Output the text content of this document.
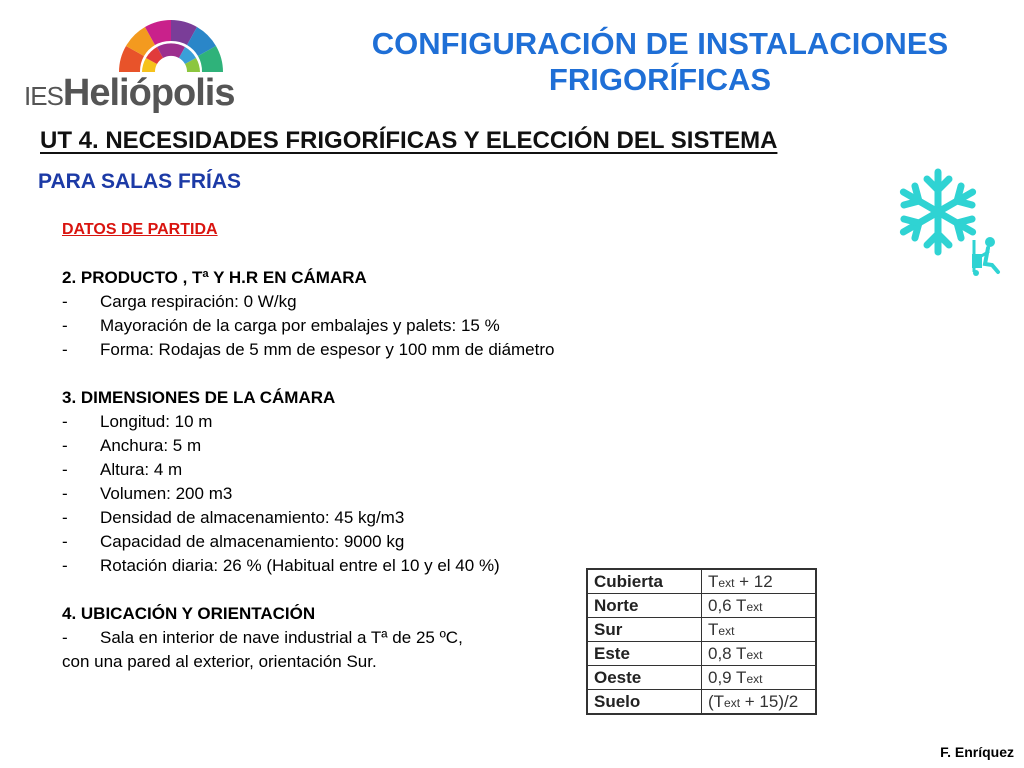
IESHeliópolis
CONFIGURACIÓN DE INSTALACIONES
FRIGORÍFICAS
UT 4. NECESIDADES FRIGORÍFICAS Y ELECCIÓN DEL SISTEMA
PARA SALAS FRÍAS
DATOS DE PARTIDA
2. PRODUCTO , Tª Y H.R EN CÁMARA
-	Carga respiración: 0 W/kg
-	Mayoración de la carga por embalajes y palets: 15 %
-	Forma: Rodajas de 5 mm de espesor y 100 mm de diámetro
3. DIMENSIONES DE LA CÁMARA
-	Longitud: 10 m
-	Anchura: 5 m
-	Altura: 4 m
-	Volumen: 200 m3
-	Densidad de almacenamiento: 45 kg/m3
-	Capacidad de almacenamiento: 9000 kg
-	Rotación diaria: 26 % (Habitual entre el 10 y el 40 %)
4. UBICACIÓN Y ORIENTACIÓN
-	Sala en interior de nave industrial a Tª de 25 ºC,
con una pared al exterior, orientación Sur.
Cubierta	Text + 12
Norte	0,6 Text
Sur	Text
Este	0,8 Text
Oeste	0,9 Text
Suelo	(Text + 15)/2
F. Enríquez
